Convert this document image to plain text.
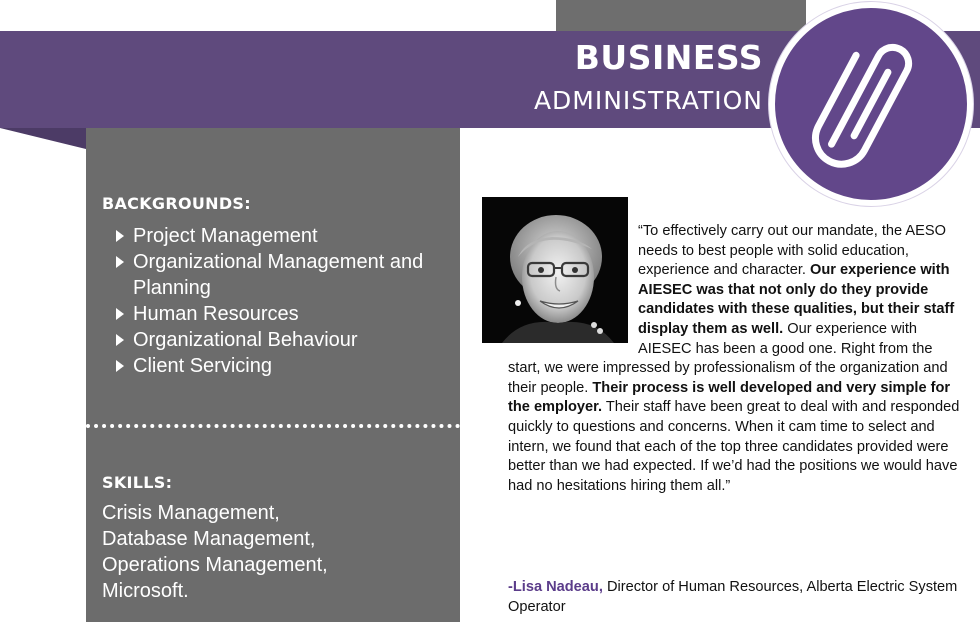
BUSINESS
ADMINISTRATION
BACKGROUNDS:
Project Management
Organizational Management and Planning
Human Resources
Organizational Behaviour
Client Servicing
SKILLS:
Crisis Management,
Database Management,
Operations Management,
Microsoft.
“To effectively carry out our mandate, the AESO needs to best people with solid education, experience and character. Our experience with AIESEC was that not only do they provide candidates with these qualities, but their staff display them as well. Our experience with AIESEC has been a good one. Right from the start, we were impressed by professionalism of the organization and their people. Their process is well developed and very simple for the employer. Their staff have been great to deal with and responded quickly to questions and concerns. When it cam time to select and intern, we found that each of the top three candidates provided were better than we had expected. If we’d had the positions we would have had no hesitations hiring them all.”
-Lisa Nadeau, Director of Human Resources, Alberta Electric System Operator
